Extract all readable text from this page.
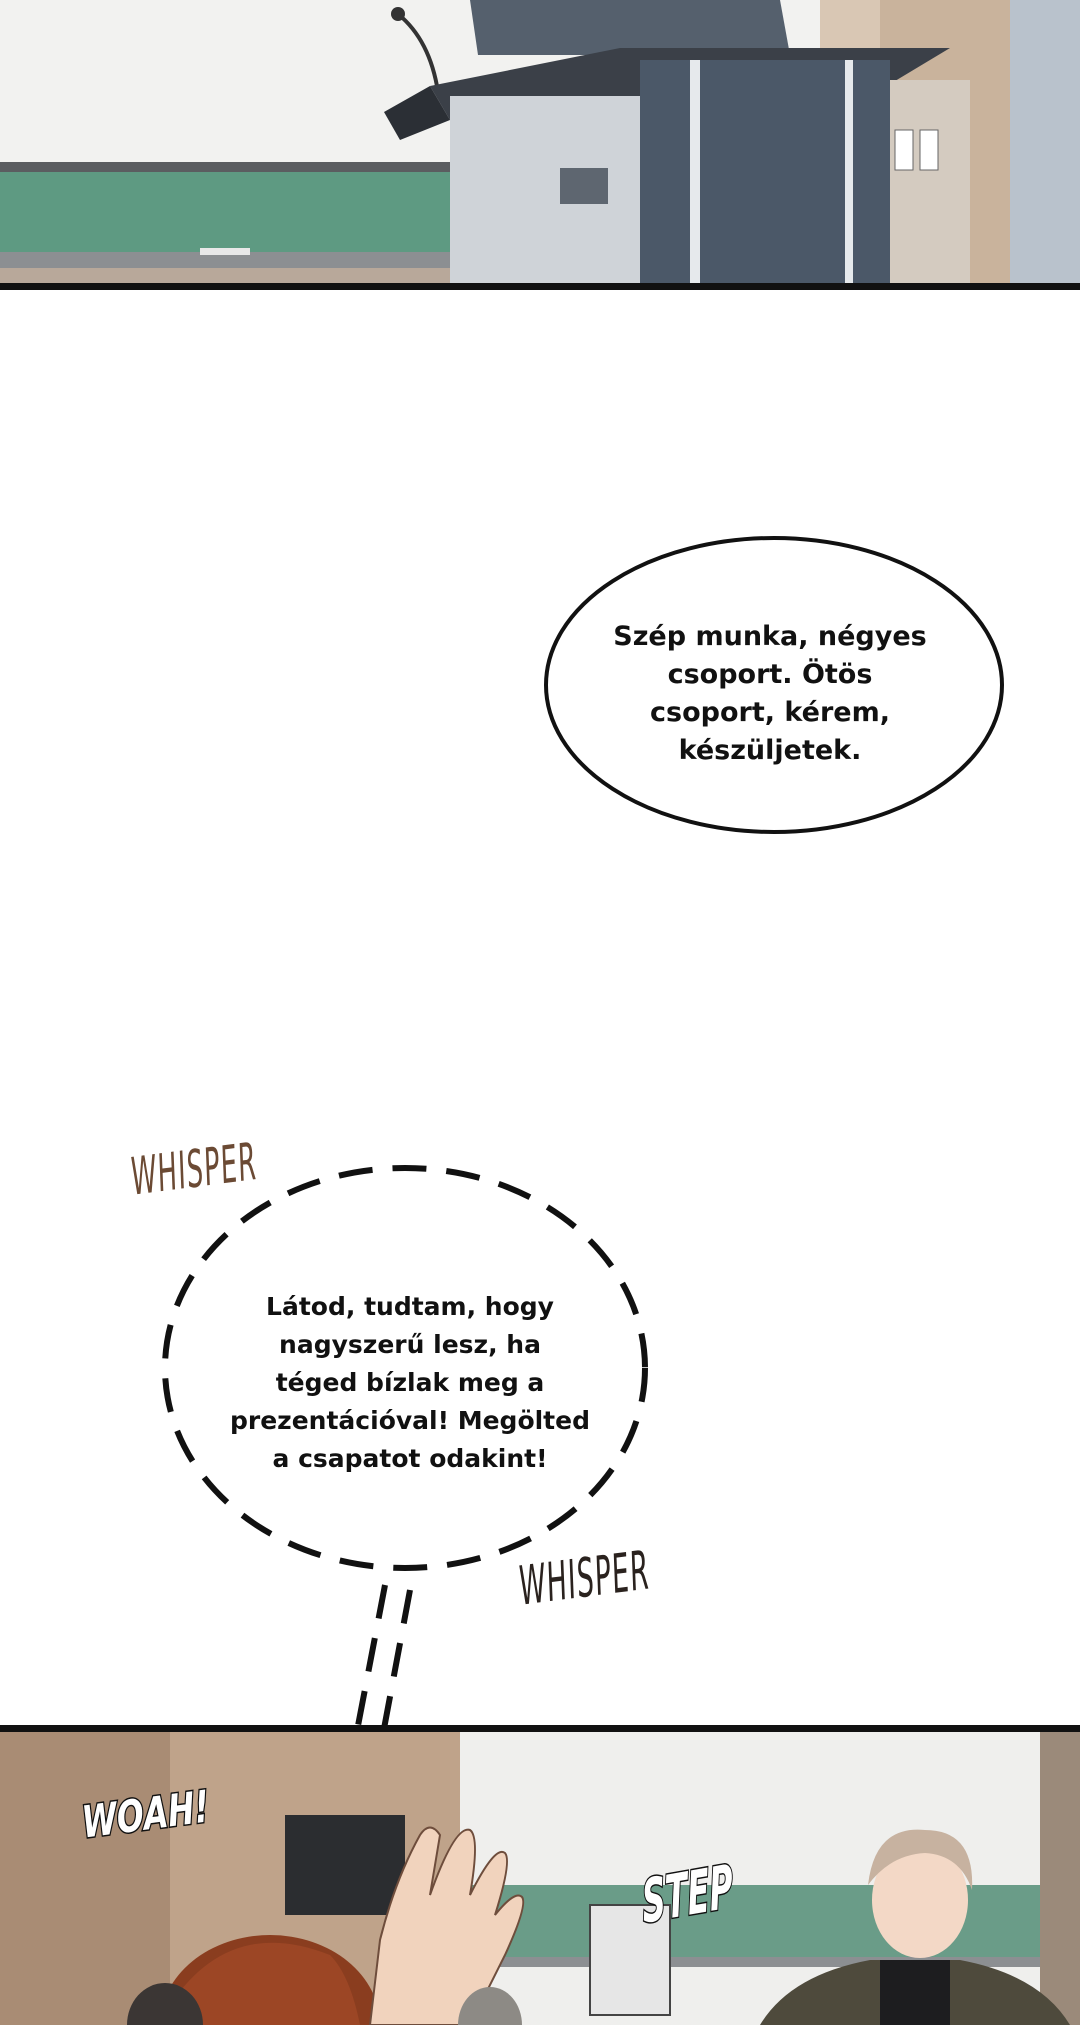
Szép munka, négyes
csoport. Ötös
csoport, kérem,
készüljetek.
Látod, tudtam, hogy
nagyszerű lesz, ha
téged bízlak meg a
prezentációval! Megölted
a csapatot odakint!
WHISPER
WHISPER
WOAH!
STEP
